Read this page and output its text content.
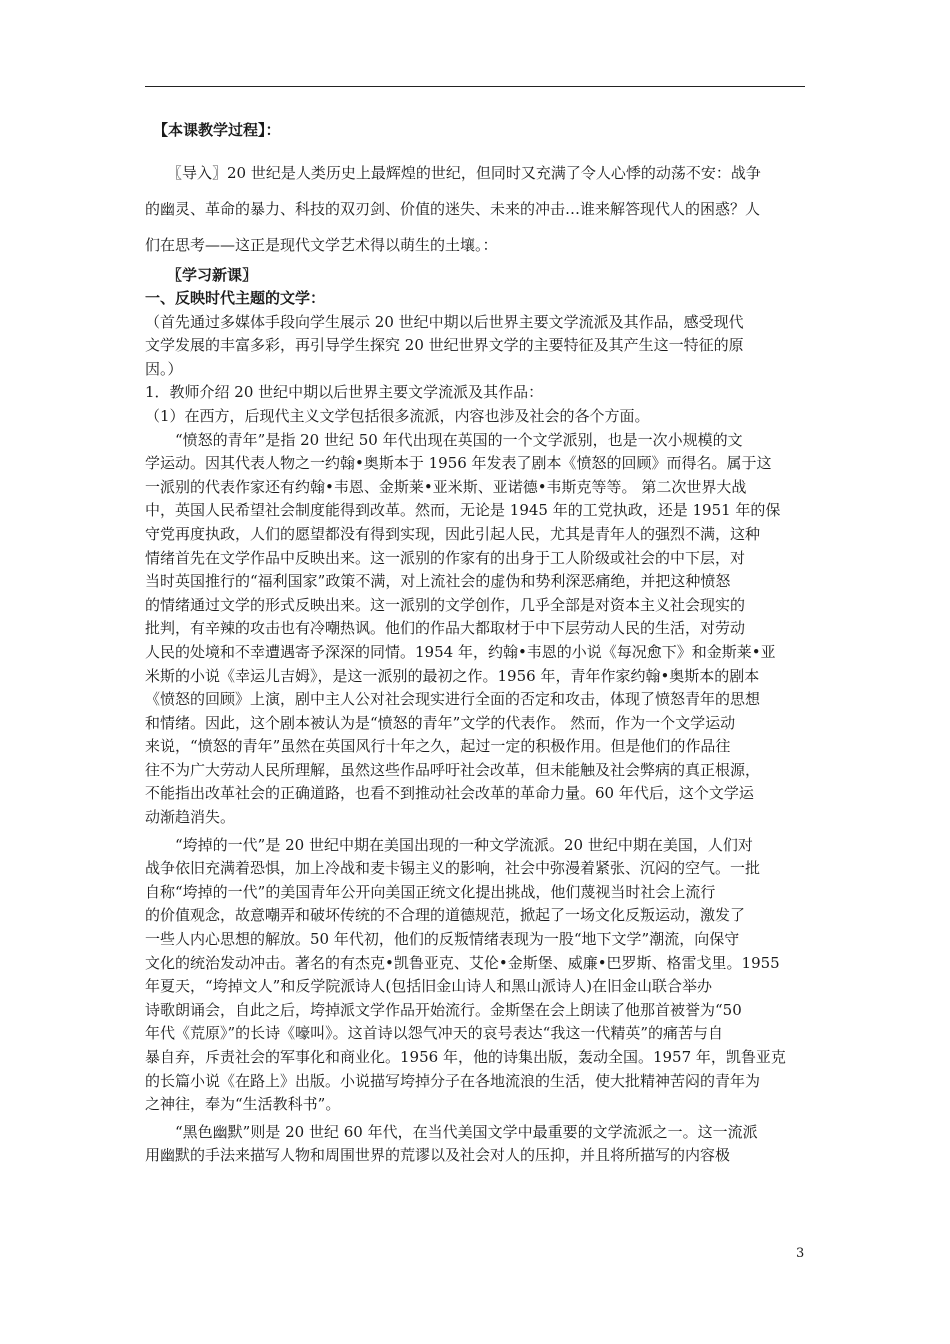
【本课教学过程】：
〖导入〗20 世纪是人类历史上最辉煌的世纪，但同时又充满了令人心悸的动荡不安：战争
的幽灵、革命的暴力、科技的双刃剑、价值的迷失、未来的冲击…谁来解答现代人的困惑？人
们在思考——这正是现代文学艺术得以萌生的土壤。：
〖学习新课〗
一、反映时代主题的文学：
（首先通过多媒体手段向学生展示 20 世纪中期以后世界主要文学流派及其作品，感受现代
文学发展的丰富多彩，再引导学生探究 20 世纪世界文学的主要特征及其产生这一特征的原
因。）
1．教师介绍 20 世纪中期以后世界主要文学流派及其作品：
（1）在西方，后现代主义文学包括很多流派，内容也涉及社会的各个方面。
“愤怒的青年”是指 20 世纪 50 年代出现在英国的一个文学派别，也是一次小规模的文
学运动。因其代表人物之一约翰•奥斯本于 1956 年发表了剧本《愤怒的回顾》而得名。属于这
一派别的代表作家还有约翰•韦恩、金斯莱•亚米斯、亚诺德•韦斯克等等。 第二次世界大战
中，英国人民希望社会制度能得到改革。然而，无论是 1945 年的工党执政，还是 1951 年的保
守党再度执政，人们的愿望都没有得到实现，因此引起人民，尤其是青年人的强烈不满，这种
情绪首先在文学作品中反映出来。这一派别的作家有的出身于工人阶级或社会的中下层，对
当时英国推行的“福利国家”政策不满，对上流社会的虚伪和势利深恶痛绝，并把这种愤怒
的情绪通过文学的形式反映出来。这一派别的文学创作，几乎全部是对资本主义社会现实的
批判，有辛辣的攻击也有冷嘲热讽。他们的作品大都取材于中下层劳动人民的生活，对劳动
人民的处境和不幸遭遇寄予深深的同情。1954 年，约翰•韦恩的小说《每况愈下》和金斯莱•亚
米斯的小说《幸运儿吉姆》，是这一派别的最初之作。1956 年，青年作家约翰•奥斯本的剧本
《愤怒的回顾》上演，剧中主人公对社会现实进行全面的否定和攻击，体现了愤怒青年的思想
和情绪。因此，这个剧本被认为是“愤怒的青年”文学的代表作。 然而，作为一个文学运动
来说，“愤怒的青年”虽然在英国风行十年之久，起过一定的积极作用。但是他们的作品往
往不为广大劳动人民所理解，虽然这些作品呼吁社会改革，但未能触及社会弊病的真正根源，
不能指出改革社会的正确道路，也看不到推动社会改革的革命力量。60 年代后，这个文学运
动渐趋消失。
“垮掉的一代”是 20 世纪中期在美国出现的一种文学流派。20 世纪中期在美国，人们对
战争依旧充满着恐惧，加上冷战和麦卡锡主义的影响，社会中弥漫着紧张、沉闷的空气。一批
自称“垮掉的一代”的美国青年公开向美国正统文化提出挑战，他们蔑视当时社会上流行
的价值观念，故意嘲弄和破坏传统的不合理的道德规范，掀起了一场文化反叛运动，激发了
一些人内心思想的解放。50 年代初，他们的反叛情绪表现为一股“地下文学”潮流，向保守
文化的统治发动冲击。著名的有杰克•凯鲁亚克、艾伦•金斯堡、威廉•巴罗斯、格雷戈里。1955
年夏天，“垮掉文人”和反学院派诗人(包括旧金山诗人和黑山派诗人)在旧金山联合举办
诗歌朗诵会，自此之后，垮掉派文学作品开始流行。金斯堡在会上朗读了他那首被誉为“50
年代《荒原》”的长诗《嚎叫》。这首诗以怨气冲天的哀号表达“我这一代精英”的痛苦与自
暴自弃，斥责社会的军事化和商业化。1956 年，他的诗集出版，轰动全国。1957 年，凯鲁亚克
的长篇小说《在路上》出版。小说描写垮掉分子在各地流浪的生活，使大批精神苦闷的青年为
之神往，奉为“生活教科书”。
“黑色幽默”则是 20 世纪 60 年代，在当代美国文学中最重要的文学流派之一。这一流派
用幽默的手法来描写人物和周围世界的荒谬以及社会对人的压抑，并且将所描写的内容极
3
